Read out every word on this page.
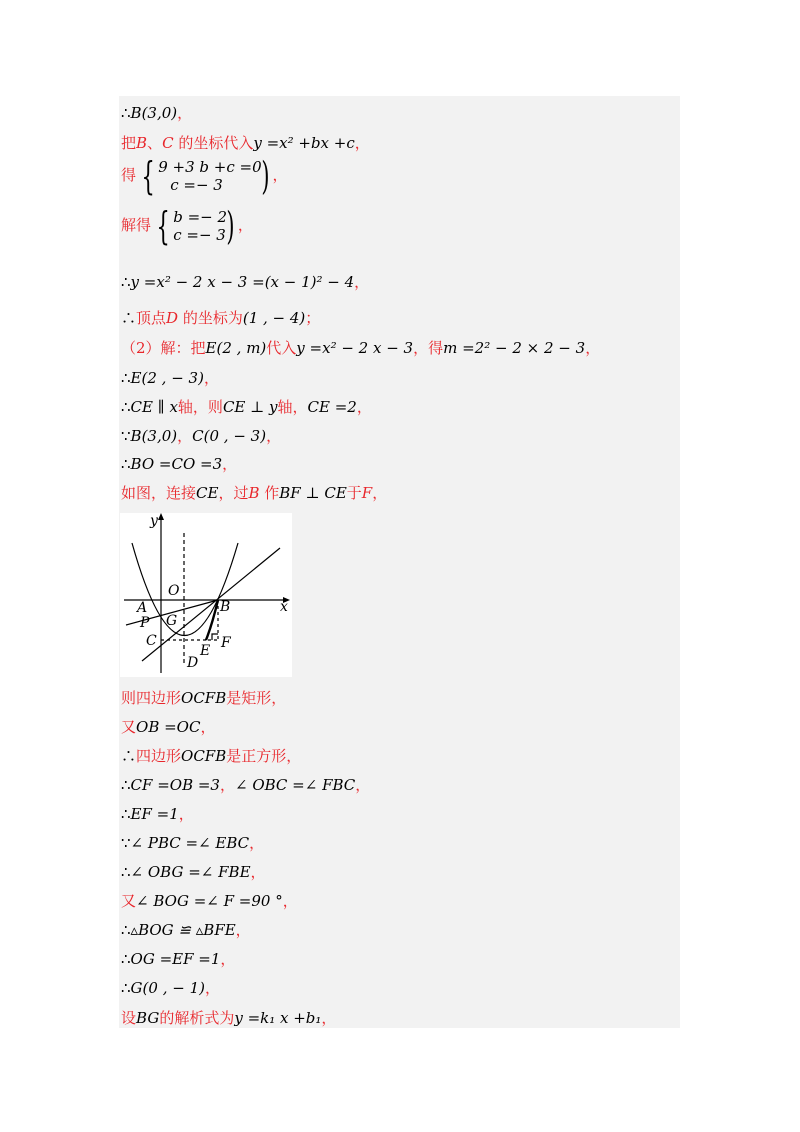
∴B(3,0)，
把B、C 的坐标代入y =x² +bx +c，
∴y =x² − 2 x − 3 =(x − 1)² − 4，
∴顶点D 的坐标为(1 , − 4)；
（2）解：把E(2 , m)代入y =x² − 2 x − 3，得m =2² − 2 × 2 − 3，
∴E(2 , − 3)，
∴CE ∥ x轴，则CE ⊥ y轴，CE =2，
∵B(3,0)，C(0 , − 3)，
∴BO =CO =3，
如图，连接CE，过B 作BF ⊥ CE于F，
则四边形OCFB是矩形，
又OB =OC，
∴四边形OCFB是正方形，
∴CF =OB =3，∠ OBC =∠ FBC，
∴EF =1，
∵∠ PBC =∠ EBC，
∴∠ OBG =∠ FBE，
又∠ BOG =∠ F =90 °，
∴▵BOG ≌ ▵BFE，
∴OG =EF =1，
∴G(0 , − 1)，
设BG的解析式为y =k₁ x +b₁，
得 { 9 +3 b +c =0
c =− 3	) ，
解得 { b =− 2
c =− 3 ) ，
y
x
O
A	B
P G
C
E F
D
